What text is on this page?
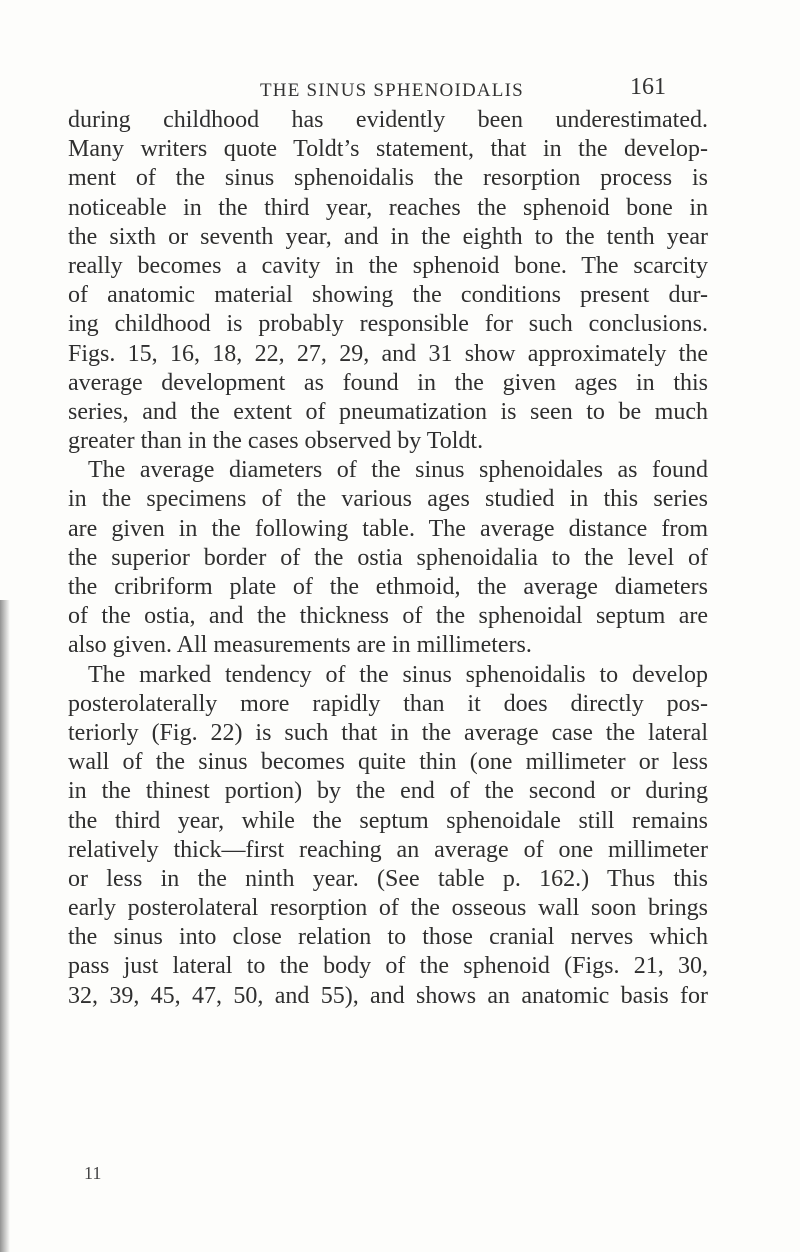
THE SINUS SPHENOIDALIS	161
during childhood has evidently been underestimated.
Many writers quote Toldt’s statement, that in the develop-
ment of the sinus sphenoidalis the resorption process is
noticeable in the third year, reaches the sphenoid bone in
the sixth or seventh year, and in the eighth to the tenth year
really becomes a cavity in the sphenoid bone. The scarcity
of anatomic material showing the conditions present dur-
ing childhood is probably responsible for such conclusions.
Figs. 15, 16, 18, 22, 27, 29, and 31 show approximately the
average development as found in the given ages in this
series, and the extent of pneumatization is seen to be much
greater than in the cases observed by Toldt.
The average diameters of the sinus sphenoidales as found
in the specimens of the various ages studied in this series
are given in the following table. The average distance from
the superior border of the ostia sphenoidalia to the level of
the cribriform plate of the ethmoid, the average diameters
of the ostia, and the thickness of the sphenoidal septum are
also given. All measurements are in millimeters.
The marked tendency of the sinus sphenoidalis to develop
posterolaterally more rapidly than it does directly pos-
teriorly (Fig. 22) is such that in the average case the lateral
wall of the sinus becomes quite thin (one millimeter or less
in the thinest portion) by the end of the second or during
the third year, while the septum sphenoidale still remains
relatively thick—first reaching an average of one millimeter
or less in the ninth year. (See table p. 162.) Thus this
early posterolateral resorption of the osseous wall soon brings
the sinus into close relation to those cranial nerves which
pass just lateral to the body of the sphenoid (Figs. 21, 30,
32, 39, 45, 47, 50, and 55), and shows an anatomic basis for
11
